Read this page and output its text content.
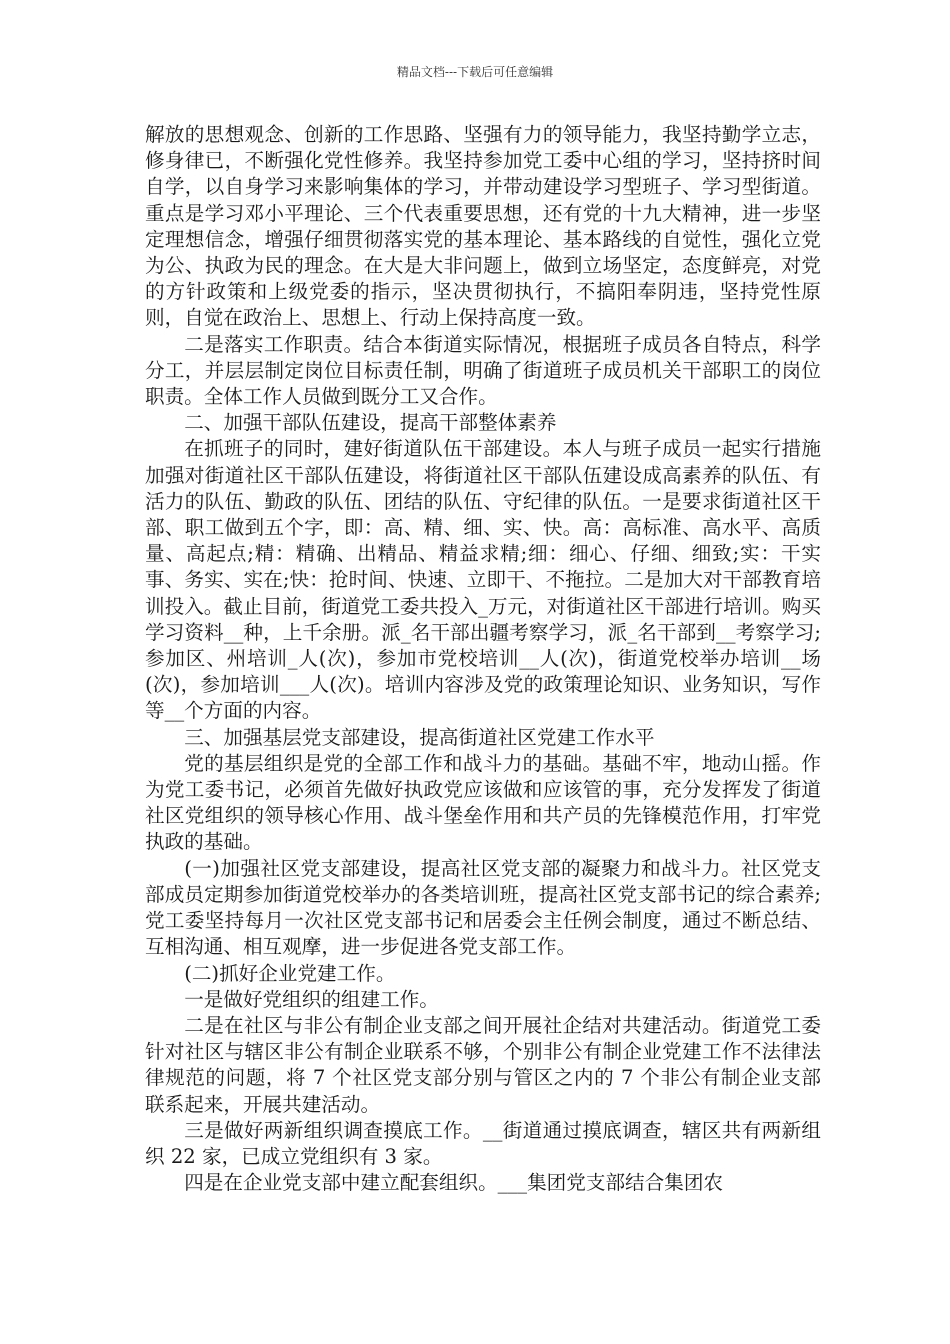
精品文档---下载后可任意编辑

解放的思想观念、创新的工作思路、坚强有力的领导能力，我坚持勤学立志，修身律已，不断强化党性修养。我坚持参加党工委中心组的学习，坚持挤时间自学，以自身学习来影响集体的学习，并带动建设学习型班子、学习型街道。重点是学习邓小平理论、三个代表重要思想，还有党的十九大精神，进一步坚定理想信念，增强仔细贯彻落实党的基本理论、基本路线的自觉性，强化立党为公、执政为民的理念。在大是大非问题上，做到立场坚定，态度鲜亮，对党的方针政策和上级党委的指示，坚决贯彻执行，不搞阳奉阴违，坚持党性原则，自觉在政治上、思想上、行动上保持高度一致。

二是落实工作职责。结合本街道实际情况，根据班子成员各自特点，科学分工，并层层制定岗位目标责任制，明确了街道班子成员机关干部职工的岗位职责。全体工作人员做到既分工又合作。

二、加强干部队伍建设，提高干部整体素养

在抓班子的同时，建好街道队伍干部建设。本人与班子成员一起实行措施加强对街道社区干部队伍建设，将街道社区干部队伍建设成高素养的队伍、有活力的队伍、勤政的队伍、团结的队伍、守纪律的队伍。一是要求街道社区干部、职工做到五个字，即：高、精、细、实、快。高：高标准、高水平、高质量、高起点;精：精确、出精品、精益求精;细：细心、仔细、细致;实：干实事、务实、实在;快：抢时间、快速、立即干、不拖拉。二是加大对干部教育培训投入。截止目前，街道党工委共投入_万元，对街道社区干部进行培训。购买学习资料__种，上千余册。派_名干部出疆考察学习，派_名干部到__考察学习;参加区、州培训_人(次)，参加市党校培训__人(次)，街道党校举办培训__场(次)，参加培训___人(次)。培训内容涉及党的政策理论知识、业务知识，写作等__个方面的内容。

三、加强基层党支部建设，提高街道社区党建工作水平

党的基层组织是党的全部工作和战斗力的基础。基础不牢，地动山摇。作为党工委书记，必须首先做好执政党应该做和应该管的事，充分发挥发了街道社区党组织的领导核心作用、战斗堡垒作用和共产员的先锋模范作用，打牢党执政的基础。

(一)加强社区党支部建设，提高社区党支部的凝聚力和战斗力。社区党支部成员定期参加街道党校举办的各类培训班，提高社区党支部书记的综合素养;党工委坚持每月一次社区党支部书记和居委会主任例会制度，通过不断总结、互相沟通、相互观摩，进一步促进各党支部工作。

(二)抓好企业党建工作。

一是做好党组织的组建工作。

二是在社区与非公有制企业支部之间开展社企结对共建活动。街道党工委针对社区与辖区非公有制企业联系不够，个别非公有制企业党建工作不法律法律规范的问题，将 7 个社区党支部分别与管区之内的 7 个非公有制企业支部联系起来，开展共建活动。

三是做好两新组织调查摸底工作。__街道通过摸底调查，辖区共有两新组织 22 家，已成立党组织有 3 家。

四是在企业党支部中建立配套组织。___集团党支部结合集团农
